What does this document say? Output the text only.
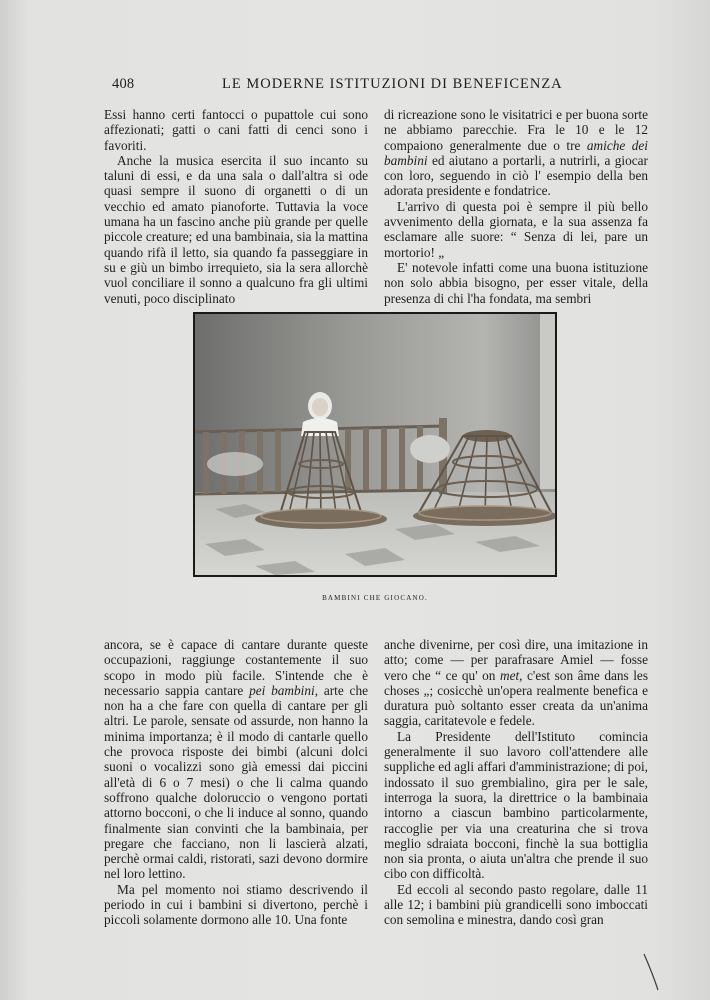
408	LE MODERNE ISTITUZIONI DI BENEFICENZA

Essi hanno certi fantocci o pupattole cui sono affezionati; gatti o cani fatti di cenci sono i favoriti.

Anche la musica esercita il suo incanto su taluni di essi, e da una sala o dall'altra si ode quasi sempre il suono di organetti o di un vecchio ed amato pianoforte. Tuttavia la voce umana ha un fascino anche più grande per quelle piccole creature; ed una bambinaia, sia la mattina quando rifà il letto, sia quando fa passeggiare in su e giù un bimbo irrequieto, sia la sera allorchè vuol conciliare il sonno a qualcuno fra gli ultimi venuti, poco disciplinato

di ricreazione sono le visitatrici e per buona sorte ne abbiamo parecchie. Fra le 10 e le 12 compaiono generalmente due o tre amiche dei bambini ed aiutano a portarli, a nutrirli, a giocar con loro, seguendo in ciò l' esempio della ben adorata presidente e fondatrice.

L'arrivo di questa poi è sempre il più bello avvenimento della giornata, e la sua assenza fa esclamare alle suore: “ Senza di lei, pare un mortorio! „

E' notevole infatti come una buona istituzione non solo abbia bisogno, per esser vitale, della presenza di chi l'ha fondata, ma sembri

BAMBINI CHE GIOCANO.

ancora, se è capace di cantare durante queste occupazioni, raggiunge costantemente il suo scopo in modo più facile. S'intende che è necessario sappia cantare pei bambini, arte che non ha a che fare con quella di cantare per gli altri. Le parole, sensate od assurde, non hanno la minima importanza; è il modo di cantarle quello che provoca risposte dei bimbi (alcuni dolci suoni o vocalizzi sono già emessi dai piccini all'età di 6 o 7 mesi) o che li calma quando soffrono qualche doloruccio o vengono portati attorno bocconi, o che li induce al sonno, quando finalmente sian convinti che la bambinaia, per pregare che facciano, non li lascierà alzati, perchè ormai caldi, ristorati, sazi devono dormire nel loro lettino.

Ma pel momento noi stiamo descrivendo il periodo in cui i bambini si divertono, perchè i piccoli solamente dormono alle 10. Una fonte

anche divenirne, per così dire, una imitazione in atto; come — per parafrasare Amiel — fosse vero che “ ce qu' on met, c'est son âme dans les choses „; cosicchè un'opera realmente benefica e duratura può soltanto esser creata da un'anima saggia, caritatevole e fedele.

La Presidente dell'Istituto comincia generalmente il suo lavoro coll'attendere alle suppliche ed agli affari d'amministrazione; di poi, indossato il suo grembialino, gira per le sale, interroga la suora, la direttrice o la bambinaia intorno a ciascun bambino particolarmente, raccoglie per via una creaturina che si trova meglio sdraiata bocconi, finchè la sua bottiglia non sia pronta, o aiuta un'altra che prende il suo cibo con difficoltà.

Ed eccoli al secondo pasto regolare, dalle 11 alle 12; i bambini più grandicelli sono imboccati con semolina e minestra, dando così gran
